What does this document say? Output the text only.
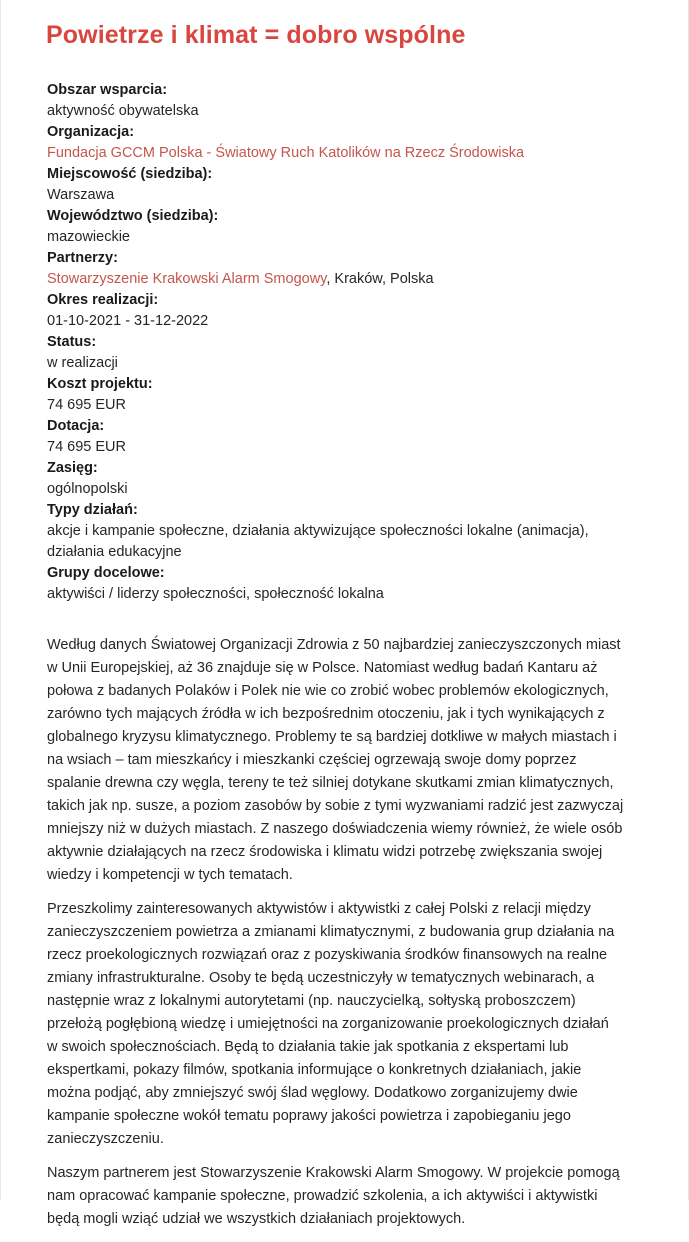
Powietrze i klimat = dobro wspólne
Obszar wsparcia:
aktywność obywatelska
Organizacja:
Fundacja GCCM Polska - Światowy Ruch Katolików na Rzecz Środowiska
Miejscowość (siedziba):
Warszawa
Województwo (siedziba):
mazowieckie
Partnerzy:
Stowarzyszenie Krakowski Alarm Smogowy, Kraków, Polska
Okres realizacji:
01-10-2021 - 31-12-2022
Status:
w realizacji
Koszt projektu:
74 695 EUR
Dotacja:
74 695 EUR
Zasięg:
ogólnopolski
Typy działań:
akcje i kampanie społeczne, działania aktywizujące społeczności lokalne (animacja),
działania edukacyjne
Grupy docelowe:
aktywiści / liderzy społeczności, społeczność lokalna

Według danych Światowej Organizacji Zdrowia z 50 najbardziej zanieczyszczonych miast
w Unii Europejskiej, aż 36 znajduje się w Polsce. Natomiast według badań Kantaru aż
połowa z badanych Polaków i Polek nie wie co zrobić wobec problemów ekologicznych,
zarówno tych mających źródła w ich bezpośrednim otoczeniu, jak i tych wynikających z
globalnego kryzysu klimatycznego. Problemy te są bardziej dotkliwe w małych miastach i
na wsiach – tam mieszkańcy i mieszkanki częściej ogrzewają swoje domy poprzez
spalanie drewna czy węgla, tereny te też silniej dotykane skutkami zmian klimatycznych,
takich jak np. susze, a poziom zasobów by sobie z tymi wyzwaniami radzić jest zazwyczaj
mniejszy niż w dużych miastach. Z naszego doświadczenia wiemy również, że wiele osób
aktywnie działających na rzecz środowiska i klimatu widzi potrzebę zwiększania swojej
wiedzy i kompetencji w tych tematach.

Przeszkolimy zainteresowanych aktywistów i aktywistki z całej Polski z relacji między
zanieczyszczeniem powietrza a zmianami klimatycznymi, z budowania grup działania na
rzecz proekologicznych rozwiązań oraz z pozyskiwania środków finansowych na realne
zmiany infrastrukturalne. Osoby te będą uczestniczyły w tematycznych webinarach, a
następnie wraz z lokalnymi autorytetami (np. nauczycielką, sołtyską proboszczem)
przełożą pogłębioną wiedzę i umiejętności na zorganizowanie proekologicznych działań
w swoich społecznościach. Będą to działania takie jak spotkania z ekspertami lub
ekspertkami, pokazy filmów, spotkania informujące o konkretnych działaniach, jakie
można podjąć, aby zmniejszyć swój ślad węglowy. Dodatkowo zorganizujemy dwie
kampanie społeczne wokół tematu poprawy jakości powietrza i zapobieganiu jego
zanieczyszczeniu.

Naszym partnerem jest Stowarzyszenie Krakowski Alarm Smogowy. W projekcie pomogą
nam opracować kampanie społeczne, prowadzić szkolenia, a ich aktywiści i aktywistki
będą mogli wziąć udział we wszystkich działaniach projektowych.
